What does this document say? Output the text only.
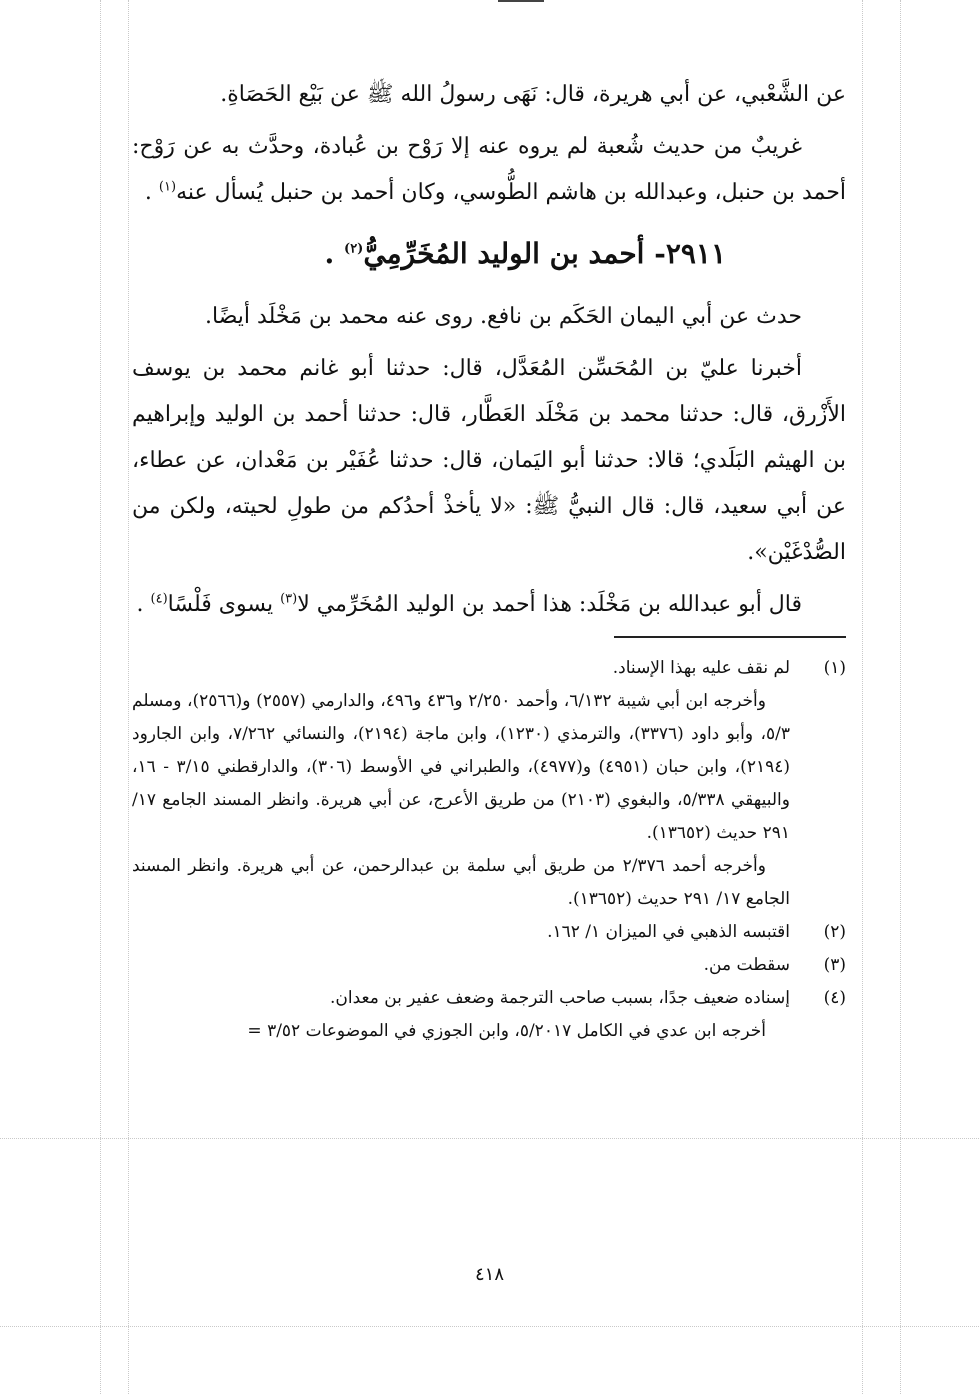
عن الشَّعْبي، عن أبي هريرة، قال: نَهَى رسولُ الله ﷺ عن بَيْع الحَصَاةِ.

غريبٌ من حديث شُعبة لم يروه عنه إلا رَوْح بن عُبادة، وحدَّث به عن رَوْح: أحمد بن حنبل، وعبدالله بن هاشم الطُّوسي، وكان أحمد بن حنبل يُسأل عنه$^{(١)}$ .

٢٩١١- أحمد بن الوليد المُخَرِّمِيُّ$^{(٢)}$ .

حدث عن أبي اليمان الحَكَم بن نافع. روى عنه محمد بن مَخْلَد أيضًا.

أخبرنا عليّ بن المُحَسِّن المُعَدَّل، قال: حدثنا أبو غانم محمد بن يوسف الأَزْرق، قال: حدثنا محمد بن مَخْلَد العَطَّار، قال: حدثنا أحمد بن الوليد وإبراهيم بن الهيثم البَلَدي؛ قالا: حدثنا أبو اليَمان، قال: حدثنا عُفَيْر بن مَعْدان، عن عطاء، عن أبي سعيد، قال: قال النبيُّ ﷺ: «لا يأخذْ أحدُكم من طولِ لحيته، ولكن من الصُّدْغَيْن».

قال أبو عبدالله بن مَخْلَد: هذا أحمد بن الوليد المُخَرِّمي لا$^{(٣)}$ يسوى فَلْسًا$^{(٤)}$ .

(١)
لم نقف عليه بهذا الإسناد.

وأخرجه ابن أبي شيبة ٦/١٣٢، وأحمد ٢/٢٥٠ و٤٣٦ و٤٩٦، والدارمي (٢٥٥٧) و(٢٥٦٦)، ومسلم ٥/٣، وأبو داود (٣٣٧٦)، والترمذي (١٢٣٠)، وابن ماجة (٢١٩٤)، والنسائي ٧/٢٦٢، وابن الجارود (٢١٩٤)، وابن حبان (٤٩٥١) و(٤٩٧٧)، والطبراني في الأوسط (٣٠٦)، والدارقطني ٣/١٥ - ١٦، والبيهقي ٥/٣٣٨، والبغوي (٢١٠٣) من طريق الأعرج، عن أبي هريرة. وانظر المسند الجامع ١٧/ ٢٩١ حديث (١٣٦٥٢).

وأخرجه أحمد ٢/٣٧٦ من طريق أبي سلمة بن عبدالرحمن، عن أبي هريرة. وانظر المسند الجامع ١٧/ ٢٩١ حديث (١٣٦٥٢).

(٢)
اقتبسه الذهبي في الميزان ١/ ١٦٢.
(٣)
سقطت من.
(٤)
إسناده ضعيف جدًا، بسبب صاحب الترجمة وضعف عفير بن معدان.

أخرجه ابن عدي في الكامل ٥/٢٠١٧، وابن الجوزي في الموضوعات ٣/٥٢ =

٤١٨
